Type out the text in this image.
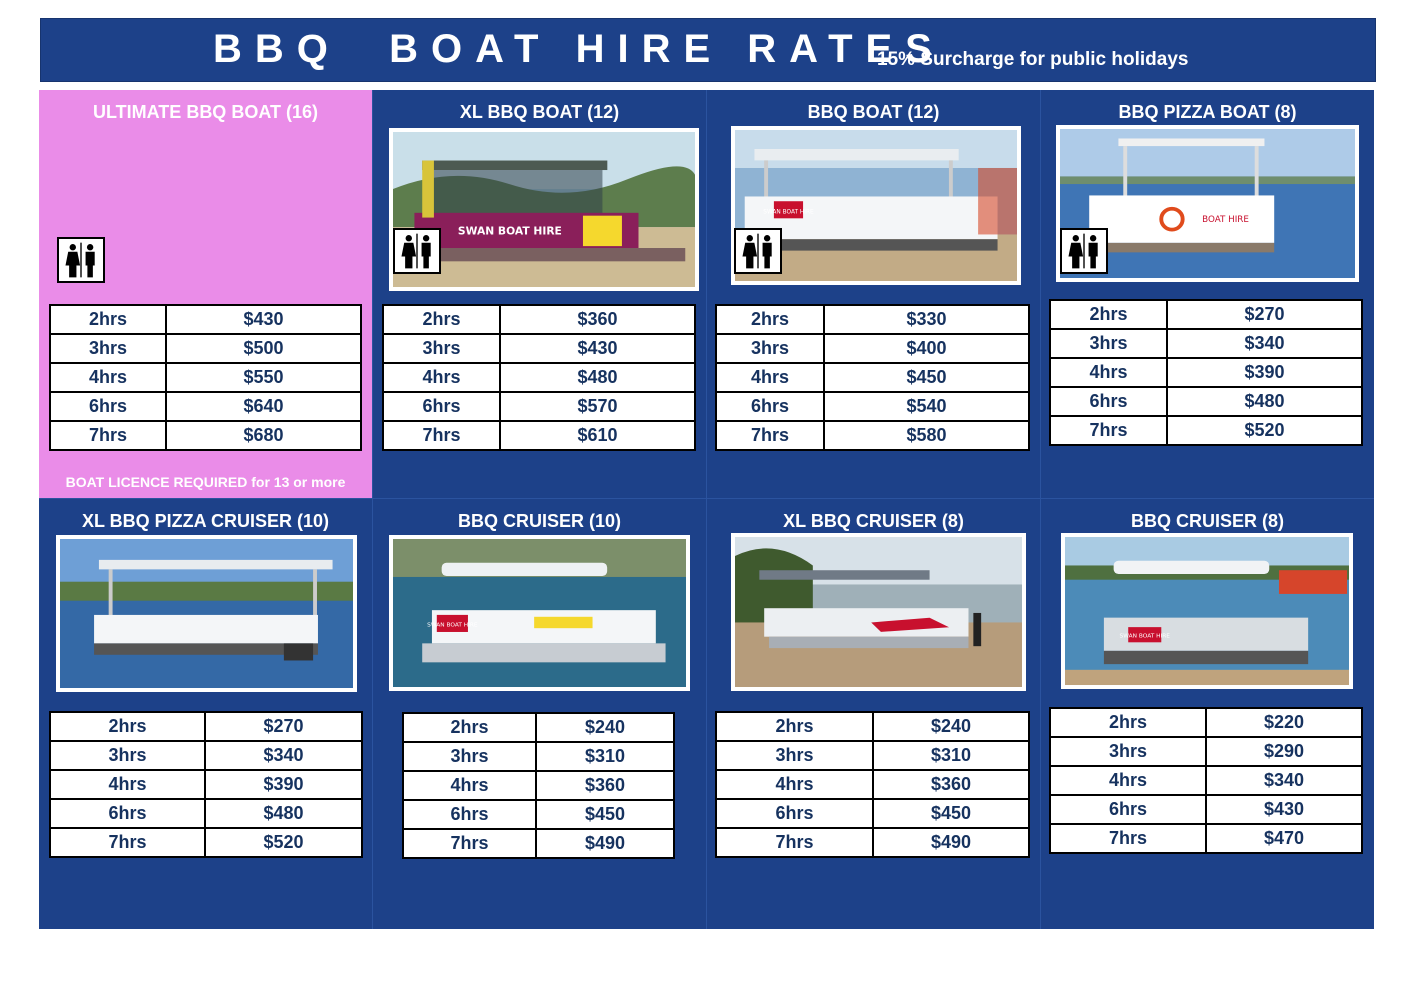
BBQ  BOAT HIRE RATES
15% Surcharge for public holidays
ULTIMATE BBQ BOAT (16)
2hrs	$430
3hrs	$500
4hrs	$550
6hrs	$640
7hrs	$680
BOAT LICENCE REQUIRED for 13 or more
XL BBQ BOAT (12)
SWAN BOAT HIRE
2hrs	$360
3hrs	$430
4hrs	$480
6hrs	$570
7hrs	$610
BBQ BOAT (12)
SWAN BOAT HIRE
2hrs	$330
3hrs	$400
4hrs	$450
6hrs	$540
7hrs	$580
BBQ PIZZA BOAT (8)
BOAT HIRE
2hrs	$270
3hrs	$340
4hrs	$390
6hrs	$480
7hrs	$520
XL BBQ PIZZA CRUISER (10)
2hrs	$270
3hrs	$340
4hrs	$390
6hrs	$480
7hrs	$520
BBQ CRUISER (10)
SWAN BOAT HIRE
2hrs	$240
3hrs	$310
4hrs	$360
6hrs	$450
7hrs	$490
XL BBQ CRUISER (8)
2hrs	$240
3hrs	$310
4hrs	$360
6hrs	$450
7hrs	$490
BBQ CRUISER (8)
SWAN BOAT HIRE
2hrs	$220
3hrs	$290
4hrs	$340
6hrs	$430
7hrs	$470
